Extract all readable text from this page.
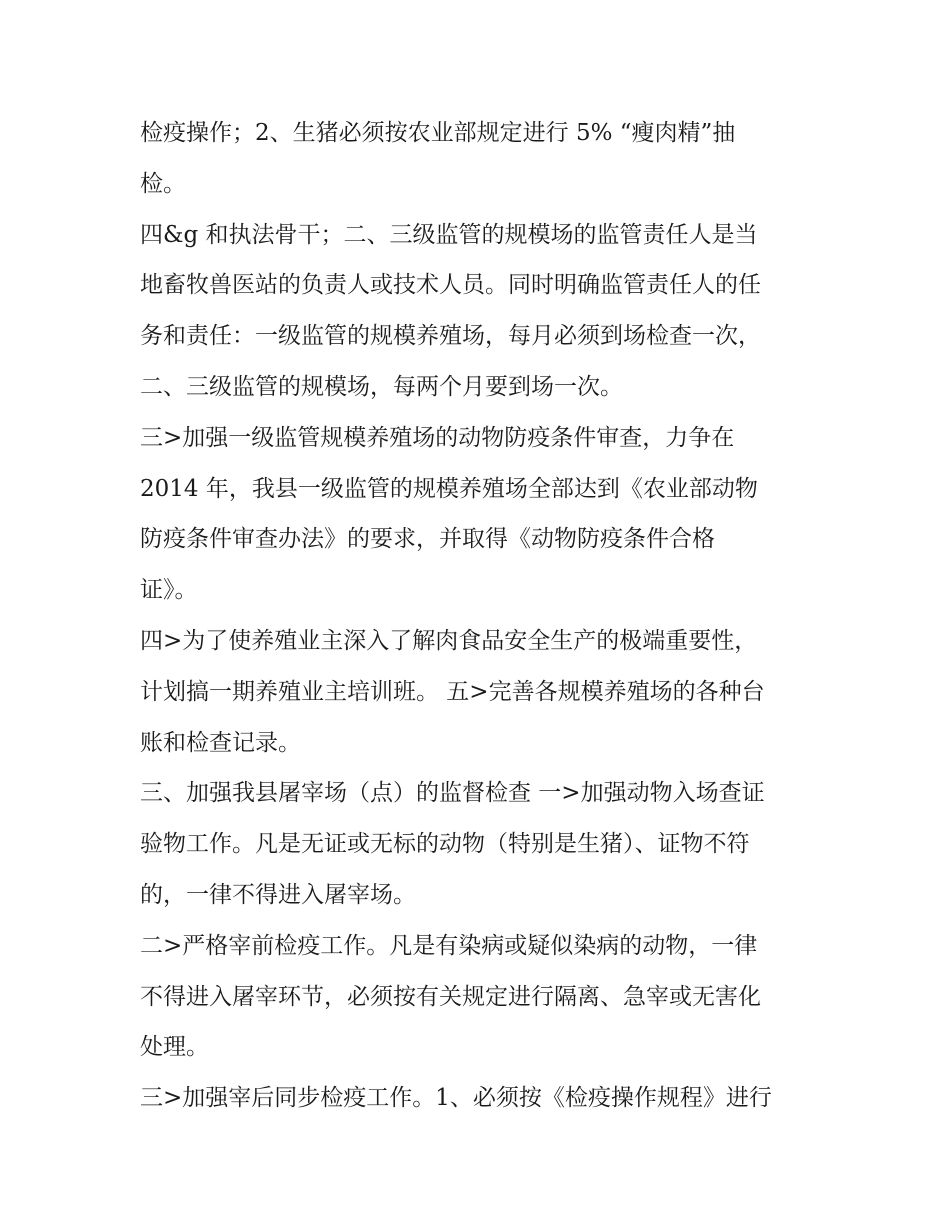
检疫操作；2、生猪必须按农业部规定进行 5% “瘦肉精”抽
检。
四&g 和执法骨干；二、三级监管的规模场的监管责任人是当
地畜牧兽医站的负责人或技术人员。同时明确监管责任人的任
务和责任：一级监管的规模养殖场，每月必须到场检查一次，
二、三级监管的规模场，每两个月要到场一次。
三>加强一级监管规模养殖场的动物防疫条件审查，力争在
2014 年，我县一级监管的规模养殖场全部达到《农业部动物
防疫条件审查办法》的要求，并取得《动物防疫条件合格
证》。
四>为了使养殖业主深入了解肉食品安全生产的极端重要性，
计划搞一期养殖业主培训班。 五>完善各规模养殖场的各种台
账和检查记录。
三、加强我县屠宰场（点）的监督检查 一>加强动物入场查证
验物工作。凡是无证或无标的动物（特别是生猪）、证物不符
的，一律不得进入屠宰场。
二>严格宰前检疫工作。凡是有染病或疑似染病的动物，一律
不得进入屠宰环节，必须按有关规定进行隔离、急宰或无害化
处理。
三>加强宰后同步检疫工作。1、必须按《检疫操作规程》进行
